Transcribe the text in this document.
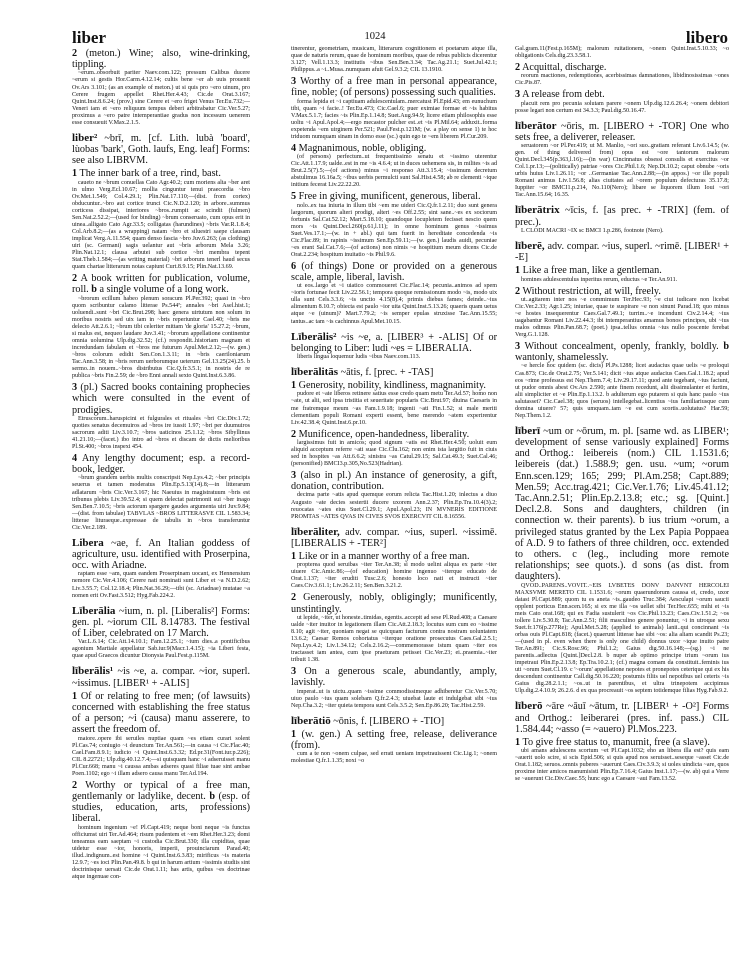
liber	1024	libero
2 (meton.) Wine; also, wine-drinking, tippling.
~erum..obsorbuit pariter Naev.com.122; pressum Calibus ducere ~erum si gestis Hor.Carm.4.12.14; cultis bene ~er ab uuis prouenit Ov.Ars 3.101; (as an example of meton.) ut si quis pro ~ero uinum, pro Cerere frugem appellet Rhet.Her.4.43; Cic.de Orat.3.167; Quint.Inst.8.6.24; (prov.) sine Cerere et ~ero friget Venus Ter.Eu.732;—Veneri iam et ~ero reliquum tempus deberi arbitrabatur Cic.Ver.5.27; proximus a ~ero patre intemperantiae gradus non incessum uenerem esse consueuit V.Max.2.1.5.
liber² ~brī, m. [cf. Lith. lubà 'board', lùobas 'bark', Goth. laufs, Eng. leaf] Forms: see also LIBRVM.
1 The inner bark of a tree, rind, bast.
caueto ne ~brum conuellas Cato Agr.40.2; cum moriens alta ~ber aret in ulmo Verg.Ecl.10.67; mollia cinguntur tenui praecordia ~bro Ov.Met.1.549; Col.4.29.1; Plin.Nat.17.110;—(dist. from cortex) obducuntur..~bro aut cortice trunci Cic.N.D.2.120; in arbore..summus corticess dissipat, interiores ~bros..rumpit ac scindit (fulmen) Sen.Nat.2.52.2;—(used for binding) ~brum conseruato, cum opus erit in uinea..alligato Cato Agr.33.5; colligatas (harundines) ~bris Var.R.1.8.4; Col.Arb.8.2;—(as a wrapping) natam ~bro et siluestri saepe clausam implicat Verg.A.11.554; quam denso fascia ~bro Juv.6.263; (as clothing) uiri (sc. Germani) sagis uelantur aut ~bris arborum Mela 3.26; Plin.Nat.12.1; clausa arbutei sub cortice ~bri membra tepent Stat.Theb.1.584;—(as writing material) ~bri arborum tenerl haud secus quam chartae litterarum notas capiunt Curt.8.9.15; Plin.Nat.13.69.
2 A book written for publication, volume, roll. b a single volume of a long work.
~brorum ecillum habeo plenum soracum Pl.Per.392; quasi in ~bro quom scribuntur calamo litterae Ps.544ª; annales ~bri Asel.hist.1; uoluendi..sunt ~bri Cic.Brut.298; haec genera uirtutum non solum in moribus nostris sed uix iam in ~bris reperiuntur Cael.40; ~bris me delecto Att.2.6.1; ~brum tibi celeriter mittam 'de gloria' 15.27.2; ~brum, si malus est, nequeo laudare Juv.3.41; ~brorum appellatione continentur omnia uolumina Ulp.dig.32.52; (cf.) respondit..historiam magnam et incredundam fabulam et ~bros me futurum Apul.Met.2.12;—(w. gen.) ~bros colorum edidit Sen.Con.1.3.11; in ~bris caeriloniarum Tac.Ann.3.58; in ~bris rerum uerborumque ueterum Gel.13.25(24).25. b sermo..in nouem..~bros distributus Cic.Q.fr.3.5.1; in nostris de re publica ~bris Fin.2.59; de ~bro Enni annali sexto Quint.Inst.6.3.86.
3 (pl.) Sacred books containing prophecies which were consulted in the event of prodigies.
Etruscorum..haruspicini et fulgurales et rituales ~bri Cic.Div.1.72; quoties senatus decemuiros ad ~bros ire iussit 1.97; ~bri per duumuiros sacrorum aditi Liv.3.10.7; ~bros uaticinos 25.1.12; ~bros Sibyllinus 41.21.10;—(facet.) ibo intro ad ~bros et discam de dictis melioribus Pl.St.400; ~bros inspexi 454.
4 Any lengthy document; esp. a record-book, ledger.
~brum grandem uerbis multis conscripsit Nep.Lys.4.2; ~ber principis seuerus et tamen moderatus Plin.Ep.5.13(14).8;—in litterarum adlatarum ~bris Cic.Ver.3.167; hic Naeuius in magistratuum ~bris est tribunus plebis Liv.39.52.4; si quem delectat patrimonii sui ~ber inago Sen.Ben.7.10.5; ~bris actorum spargere gaudes argumenta uiri Juv.9.84;—(dist. from tabulae) TABVLAS ~BROS LITTERASVE CIL 1.583.34; litterae lituraeque..expressae de tabulis in ~bros transferuntur Cic.Ver.2.189.
Libera ~ae, f. An Italian goddess of agriculture, usu. identified with Proserpina, occ. with Ariadne.
raptam esse ~am, quam eandem Proserpinam uocant, ex Hennensium nemore Cic.Ver.4.106; Cerere nati nominati sunt Liber et ~a N.D.2.62; Liv.3.55.7; Col.12.18.4; Plin.Nat.36.29;—tibi (sc. Ariadnae) mutatae ~a nomen erit Ov.Fast.3.512; Hyg.Fab.224.2.
Līberālia ~ium, n. pl. [Liberalis²] Forms: gen. pl. ~iorum CIL 8.14783. The festival of Liber, celebrated on 17 March.
Var.L.6.14; Cic.Att.14.10.1; Fam.12.25.1; ~ium dies..a pontificibus agonium Martiale appellatur Sab.iur.9(Macr.1.4.15); ~ia Liberi festa, quae apud Graecos dicuntur Dionysia Paul.Fest.p.115M.
līberālis¹ ~is ~e, a. compar. ~ior, superl. ~issimus. [LIBER¹ + -ALIS]
1 Of or relating to free men; (of lawsuits) concerned with establishing the free status of a person; ~i (causa) manu asserere, to assert the freedom of.
maiore..opere ibi seruiles nuptiae quam ~es etiam curari solent Pl.Cas.74; coniugio ~i deunctum Ter.An.561;—in causa ~i Cic.Flac.40; Cael.Fam.8.9.1; iudicio ~i Quint.Inst.6.3.32; Ed.pr.31(Font.iur.p.226); CIL 8.22721; Ulp.dig.40.12.7.4;—si quisquam hanc ~i adseruisset manu Pl.Cur.668; manu ~i caussa ambas adseres quasi filiae tuae sint ambae Poen.1102; ego ~i illam adsero causa manu Ter.Ad.194.
2 Worthy or typical of a free man, gentlemanly or ladylike, decent. b (esp. of studies, education, arts, professions) liberal.
hominum ingenium ~e! Pl.Capt.419; neque boni neque ~is functus officiumst uiri Ter.Ad.464; risum pudentem et ~em Rhet.Her.3.23; domi teneamus eam saeptam ~i custodia Cic.Brut.330; illa cupiditas, quae uidetur esse ~ior, honoris, imperii, prouinciarum Parad.40; illud..indignum..est homine ~i Quint.Inst.6.3.83; mirificus ~is materia 12.9.7; ~es ioci Plin.Pan.49.8. b qui in harum artium ~issimis studiis sint doctrinisque uersati Cic.de Orat.1.11; has artis, quibus ~es doctrinae atque ingenuae con-
tinerentur, geometriam, musicam, litterarum cognitionem et poetarum atque illa, quae de naturis rerum, quae de hominum moribus, quae de rebus publicis dicerentur 3.127; Vell.1.13.3; institutis ~ibus Sen.Ben.3.34; Tac.Ag.21.1; Suet.Jul.42.1; Philippus..a ~i..Musa..numquam afuit Gel.9.3.2; CIL 13.1910.
3 Worthy of a free man in personal appearance, fine, noble; (of persons) possessing such qualities.
forma lepida et ~i captiuam adulescentulam..mercatust Pl.Epid.43; em eunuchum tibi, quam ~i facie..! Ter.Eu.473; Cic.Cael.6; puer eximiae formae et ~is habitus V.Max.5.1.7; facies ~is Plin.Ep.1.14.8; Suet.Aug.94.9; licere etiam philosophis esse uoltu ~i Apul.Apol.4;—ergo mecastor pulcher est..et ~is Pl.Mil.64; adduxit..forma expetenda ~em uirginem Per.521; Paul.Fest.p.121M; (w. a play on sense 1) te hoc triduom numquam sinam in domo esse (sc.) quin ego te ~em liberem Pl.Cur.209.
4 Magnanimous, noble, obliging.
(of persons) perfectum..ut frequentissimo senatu et ~issimo uterentur Cic.Att.1.17.9; ualde..est in me ~is 4.6.4; ut in duces uehemens sis, in milites ~is ad Brut.2.5(7).5;—(of actions) minus ~i responso Att.3.15.4; ~issimum decretum abstulimus 16.16a.5; ~ibus uerbis permulcti sunt Sal.Hist.4.58; ab re clementi ~ique initium fecerat Liv.22.22.20.
5 Free in giving, munificent, generous, liberal.
nolo..ex tua iniuria in illum tibi ~em me uideri Cic.Q.fr.1.2.11; duo sunt genera largorum, quorum alteri prodigi, alteri ~es Off.2.55; sint sane..~es ex sociorum fortunis Sal.Cat.52.12; Mart.5.18.10; quandoque locupletem fecisset nescio quem mors ~is Quint.Decl.260(p.61,l.11); in omne hominum genus ~issimus Suet.Ves.17.1;—(w. in + abl.) qui tam fuerit in hereditate concedenda ~is Cic.Flac.89; in rapinis ~issimum Sen.Ep.59.11;—(w. gen.) laudis auidi, pecuniae ~es erant Sal.Cat.7.6;—(of actions) non nimis ~e hospitium meum dicens Cic.de Orat.2.234; hospitum inuitatio ~is Phil.9.6.
6 (of things) Done or provided on a generous scale, ample, liberal, lavish.
ut eos..largo et ~i uiatico commoueret Cic.Flac.14; pecunia..animos ad spem ~ioris fortunae fecit Liv.22.56.1; tempora quoque remissionum modo ~is, modo uix ulla sunt Cels.3.3.6; ~is unctio 4.15(8).4; primis diebus fames; deinde..~ius alimentum 8.10.7; obiecta est paulo ~ior uita Quint.Inst.5.13.26; quaeris quam uetus atque ~e (uinum)? Mart.7.79.2; ~is semper epulas struxisse Tac.Ann.15.55; tantus..ac tam ~is cachinnus Apul.Met.10.15.
Līberālis² ~is ~e, a. [LIBER³ + -ALIS] Of or belonging to Liber: ludi ~es = LIBERALIA.
liberis lingua loquemur ludis ~ibus Naev.com.113.
līberālitās ~ātis, f. [prec. + -TAS]
1 Generosity, nobility, kindliness, magnanimity.
pudore et ~ate liberos retinere satius esse credo quam metu Ter.Ad.57; homo non ~ate, ut alii, sed ipsa tristitia et seueritate popularis Cic.Brut.97; diuina Caesaris in me fratremque meum ~as Fam.1.9.18; ingenii ~ati Fin.1.52; si male meriti clementiam populi Romani experti essent, bene merendo ~atem experirentur Liv.42.38.4; Quint.Inst.6.pr.10.
2 Munificence, open-handedness, liberality.
largissimus fuit in amicos; quod signum ~atis est Rhet.Her.4.50; uoluit eum aliquid acceptum referre ~ati suae Cic.Clu.162; non enim ista largitio fuit in ciuis sed in hospites ~as Att.6.6.2; sinistra ~as Catul.29.15; Sal.Cat.49.3; Suet.Cal.46; (personified) BMCI3.p.305,No.523(Hadrian).
3 (also in pl.) An instance of generosity, a gift, donation, contribution.
decima parte ~atis apud quemque eorum relicta Tac.Hist.1.20; inlectus a diuo Augusto ~ate decies sestertii ducere uxorem Ann.2.37; Plin.Ep.Tra.10.4(3).2; reuocatas ~ates eius Suet.Cl.29.1; Apul.Apol.23; IN MVNERIS EDITIONE PROMTAS ~ATES QVAS IN CIVES SVOS EXERCVIT CIL 8.16556.
līberāliter, adv. compar. ~ius, superl. ~issimē. [LIBERALIS + -TER²]
1 Like or in a manner worthy of a free man.
propterea quod seruibas ~iter Ter.An.38; si modo uelint aliqua ex parte ~iter uiuere Cic.Amic.86;—(of education) homine ingenuo ~iterque educato de Orat.1.137; ~iter eruditi Tusc.2.6; honesto loco nati et instructi ~iter Caes.Civ.3.61.1; Liv.26.2.11; Sen.Ben.3.21.2.
2 Generously, nobly, obligingly; munificently, unstintingly.
ut lepide, ~iter, ut honeste..timidas, egentis..accepit ad sese Pl.Rud.408; a Caesare ualde ~iter inuitor in legationem illam Cic.Att.2.18.3; locutus sum cum eo ~issime 8.10; agit ~iter, quoniam negat se quicquam facturum contra nostram uoluntatem 13.6.2; Caesar Remos cohortatus ~iterque oratione prosecutus Caes.Gal.2.5.1; Nep.Lys.4.2; Liv.1.34.12; Cels.2.16.2;—commemorasse istum quam ~iter eos tractasset iam antea, cum ipse praeturam petisset Cic.Ver.23; ei..praemia..~iter tribuit 1.38.
3 On a generous scale, abundantly, amply, lavishly.
imperat..ut is uictu..quam ~issime commodissimeque adhiberetur Cic.Ver.5.70; uiuo paulo ~ius quam solebam Q.fr.2.4.3; uiuebat laute et indulgebat sibi ~ius Nep.Cha.3.2; ~iter quieta tempora sunt Cels.3.5.2; Sen.Ep.86.20; Tac.Hist.2.59.
līberātiō ~ōnis, f. [LIBERO + -TIO]
1 (w. gen.) A setting free, release, deliverance (from).
cum a te non ~onem culpae, sed errati ueniam impetrauissent Cic.Lig.1; ~onem molestiae Q.fr.1.1.35; noxi ~o
Gal.gram.11(Fest.p.165M); malorum ruitationem, ~onem Quint.Inst.5.10.33; ~o obligationis Cels.dig.23.3.58.1.
2 Acquittal, discharge.
reorum mactiones, redemptiones, acerbissimas damnationes, libidinosissimas ~ones Cic.Pis.87.
3 A release from debt.
placuit rem pro pecunia solutam parere ~onem Ulp.dig.12.6.26.4; ~onem debitori posse legari non certum est 34.3.3; Paul.dig.50.16.47.
līberātor ~ōris, m. [LIBERO + -TOR] One who sets free, a deliverer, releaser.
seruatorem ~or Pl.Per.419; ut M. Manlio, ~ori suo..gratiam referant Liv.6.14.5; (w. gen. of thing delivered from) opus est ~ore tantorum malorum Quint.Decl.345(p.363,l.16);—(in war) Cincinnatus obsessi consulis et exercitus ~or Col.1.pr.13;—(politically) patriae ~ores Cic.Phil.1.6; Nep.Di.10.2; caput obnube ~oris urbis huius Liv.1.26.11; ~or ..Germaniae Tac.Ann.2.88;—(in appos.) ~or ille populi Romani animus Liv.1.56.8; alias ciuitates ad ~orem populum defecturas 35.17.8; Iuppiter ~or BMCI1.p.214, No.110(Nero); libare se liquorem illum Ioui ~ori Tac.Ann.15.64; 16.35.
līberātrix ~īcis, f. [as prec. + -TRIX] (fem. of prec.).
L CLODI MACRI ~IX sc BMCI 1.p.286, footnote (Nero).
līberē, adv. compar. ~ius, superl. ~rimē. [LIBER¹ + -E]
1 Like a free man, like a gentleman.
homines adulescentulus inperitus rerum, eductus ~e Ter.An.911.
2 Without restriction, at will, freely.
ut..agitarem inter nos ~e commimum Ter.Hec.93; ~e ciui iudicare non licebat Cic.Ver.2.33; Agr.1.25; iniuriae, quae te suspirare ~e non sinunt Parad.18; quo minus ~e hostes insequerentur Caes.Gal.7.49.1; turrim..~e incendunt Civ.2.14.4; ~ius uagabantur Romani Liv.22.44.3; ibi intemperantius amamus bonos principes, ubi ~ius malos odimus Plin.Pan.68.7; (poet.) ipsa..tellus omnia ~ius nullo poscente ferebat Verg.G.1.128.
3 Without concealment, openly, frankly, boldly. b wantonly, shamelessly.
~e hercle hoc quidem (sc. dicis) Pl.Ps.1288; licet audacius quae uelis ~e proloqui Cas.873; Cic.de Orat.2.75; Ver.5.141; dicit ~ius atque audacius Caes.Gal.1.18.2; apud eos ~rime professus est Nep.Them.7.4; Liv.29.17.11; quod ante tegebant, ~ius faciunt, ut pudor omnis abest Ov.Ars 2.590; ante finem recedunt, alii dissimulanter et furtim, alii simpliciter et ~e Plin.Ep.1.13.2. b adulterum ego putarem si quis hanc paulo ~ius salutasset? Cic.Cael.38; quos (seruos) intellegebat..licentius ~ius familiariusque cum domina uiuere? 57; quis umquam..tam ~e est cum scortis..uolutatus? Har.59; Nep.Them.1.2.
līberī ~um or ~ōrum, m. pl. [same wd. as LIBER¹; development of sense variously explained] Forms and Orthog.: leibereis (nom.) CIL 1.1531.6; leibereis (dat.) 1.588.9; gen. usu. ~um; ~orum Enn.scen.129; 165; 299; Pl.Am.258; Capt.889; Men.59; Acc.trag.421; Cic.Ver.1.76; Liv.45.41.12; Tac.Ann.2.51; Plin.Ep.2.13.8; etc.; sg. [Quint.] Decl.2.8. Sons and daughters, children (in connection w. their parents). b ius trium ~orum, a privileged status granted by the Lex Papia Poppaea of A.D. 9 to fathers of three children, occ. extended to others. c (leg., including more remote relationships; see quots.). d sons (as dist. from daughters).
QVOD..PARENS..VOVIT..~EIS LVBETES DONV DANVNT HERCOLEI MAXSVME MERETO CIL 1.1531.6; ~orum quaerundorum caussa ei, credo, uxor datast Pl.Capt.889; quom tu es aneta ~is..gaudeo Truc.384; Aesculapi ~orum saucii opplent porticus Enn.scen.165; si ex me illa ~os uellet sibi Ter.Hec.655; mihi et ~is meis Cato orat.168; qui ex Fadia sustulerit ~os Cic.Phil.13.23; Caes.Civ.1.51.2; ~os tollere Liv.5.30.8; Tac.Ann.2.51; filii masculino genere ponuntur, ~i in utroque sexu Suet.fr.176(p.277Re); Apul.Met.5.28; (applied to animals) lanii..qui concinnant ~is orbas ouis Pl.Capt.818; (facet.) quaerunt litterae hae sibi ~os: alia aliam scandit Ps.23;—(used in pl. even when there is only one child) donnus uxor ~ique inuito patre Ter.An.891; Cic.S.Rosc.96; Phil.1.2; Gaius dig.50.16.148;—(sg.) ~i ne parentis..adlectus [Quint.]Decl.2.8. b nuper ab optimo principe trium ~orum ius impetraui Plin.Ep.2.13.8; Ep.Tra.10.2.1; (cf.) magna comam da constituit..feminis ius uti ~orum Suet.Cl.19. c '~orum' appellatione nepotes et pronepotes ceterique qui ex his descendunt continentur Call.dig.50.16.220; postumis filiis uel nepotibus uel ceteris ~is Gaius dig.28.2.1.1; ~os..ut in parentibus, et ultra trinepotem accipimus Ulp.dig.2.4.10.9; 26.2.6. d ex qua procreauit ~os septem totidemque filias Hyg.Fab.9.2.
līberō ~āre ~āuī ~ātum, tr. [LIBER¹ + -O²] Forms and Orthog.: leiberarei (pres. inf. pass.) CIL 1.584.44; ~asso (= ~auero) Pl.Mos.223.
1 To give free status to, manumit, free (a slave).
ubi amans adulescens scortum ~et Pl.Capt.1032; eho an libera illa est? quis eam ~auerit uolo scire, si scis Epid.506; si quis apud nos seruisset..seseque ~asset Cic.de Orat.1.182; seruos..omnis puberes ~auerunt Caes.Civ.3.9.3; si uoles uindicta ~are, quos proxime inter amicos manumisisti Plin.Ep.7.16.4; Gaius Inst.1.17;—(w. ab) qui a Verre se ~auerunt Cic.Div.Caec.55; hunc ego a Caesare ~aui Fam.13.52.
